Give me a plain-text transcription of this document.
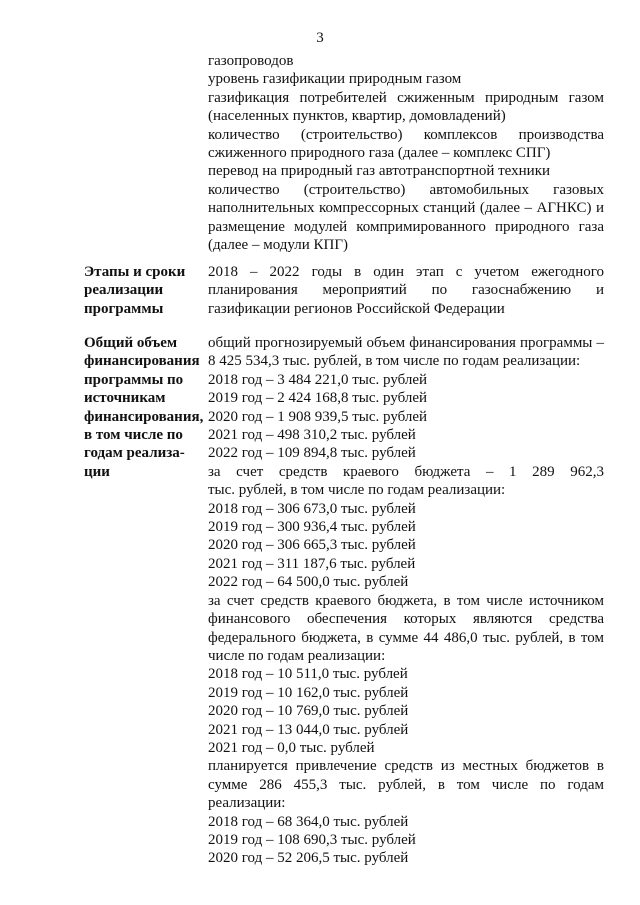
3
газопроводов
уровень газификации природным газом
газификация потребителей сжиженным природным газом
(населенных пунктов, квартир, домовладений)
количество (строительство) комплексов производства
сжиженного природного газа (далее – комплекс СПГ)
перевод на природный газ автотранспортной техники
количество (строительство) автомобильных газовых
наполнительных компрессорных станций (далее – АГНКС) и
размещение модулей компримированного природного газа
(далее – модули КПГ)
Этапы и сроки
реализации
программы
2018 – 2022 годы в один этап с учетом ежегодного
планирования мероприятий по газоснабжению и
газификации регионов Российской Федерации
Общий объем
финансирования
программы по
источникам
финансирования,
в том числе по
годам реализа-
ции
общий прогнозируемый объем финансирования программы –
8 425 534,3 тыс. рублей, в том числе по годам реализации:
2018 год – 3 484 221,0 тыс. рублей
2019 год – 2 424 168,8 тыс. рублей
2020 год – 1 908 939,5 тыс. рублей
2021 год – 498 310,2 тыс. рублей
2022 год – 109 894,8 тыс. рублей
за счет средств краевого бюджета – 1 289 962,3
тыс. рублей, в том числе по годам реализации:
2018 год – 306 673,0 тыс. рублей
2019 год – 300 936,4 тыс. рублей
2020 год – 306 665,3 тыс. рублей
2021 год – 311 187,6 тыс. рублей
2022 год – 64 500,0 тыс. рублей
за счет средств краевого бюджета, в том числе источником
финансового обеспечения которых являются средства
федерального бюджета, в сумме 44 486,0 тыс. рублей, в том
числе по годам реализации:
2018 год – 10 511,0 тыс. рублей
2019 год – 10 162,0 тыс. рублей
2020 год – 10 769,0 тыс. рублей
2021 год – 13 044,0 тыс. рублей
2021 год – 0,0 тыс. рублей
планируется привлечение средств из местных бюджетов в
сумме 286 455,3 тыс. рублей, в том числе по годам
реализации:
2018 год – 68 364,0 тыс. рублей
2019 год – 108 690,3 тыс. рублей
2020 год – 52 206,5 тыс. рублей
